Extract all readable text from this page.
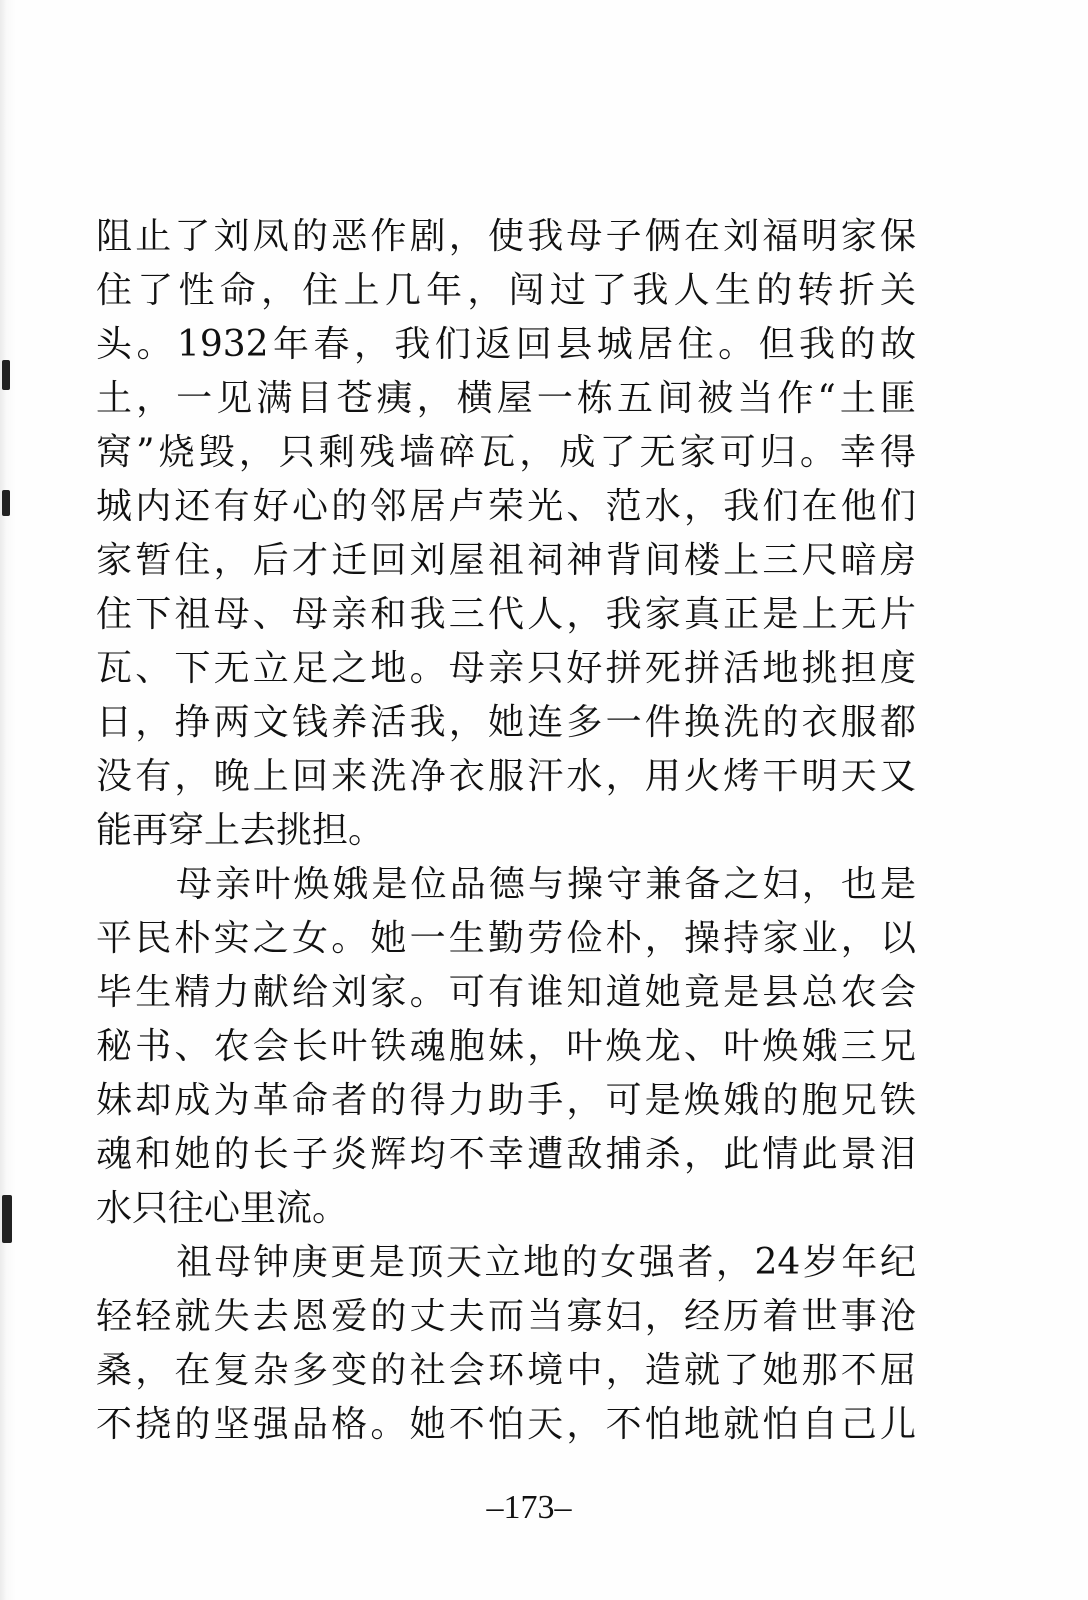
阻止了刘凤的恶作剧，使我母子俩在刘福明家保
住了性命，住上几年，闯过了我人生的转折关
头。1932年春，我们返回县城居住。但我的故
土，一见满目苍痍，横屋一栋五间被当作“土匪
窝”烧毁，只剩残墙碎瓦，成了无家可归。幸得
城内还有好心的邻居卢荣光、范水，我们在他们
家暂住，后才迁回刘屋祖祠神背间楼上三尺暗房
住下祖母、母亲和我三代人，我家真正是上无片
瓦、下无立足之地。母亲只好拼死拼活地挑担度
日，挣两文钱养活我，她连多一件换洗的衣服都
没有，晚上回来洗净衣服汗水，用火烤干明天又
能再穿上去挑担。
母亲叶焕娥是位品德与操守兼备之妇，也是
平民朴实之女。她一生勤劳俭朴，操持家业，以
毕生精力献给刘家。可有谁知道她竟是县总农会
秘书、农会长叶铁魂胞妹，叶焕龙、叶焕娥三兄
妹却成为革命者的得力助手，可是焕娥的胞兄铁
魂和她的长子炎辉均不幸遭敌捕杀，此情此景泪
水只往心里流。
祖母钟庚更是顶天立地的女强者，24岁年纪
轻轻就失去恩爱的丈夫而当寡妇，经历着世事沧
桑，在复杂多变的社会环境中，造就了她那不屈
不挠的坚强品格。她不怕天，不怕地就怕自己儿
–173–
